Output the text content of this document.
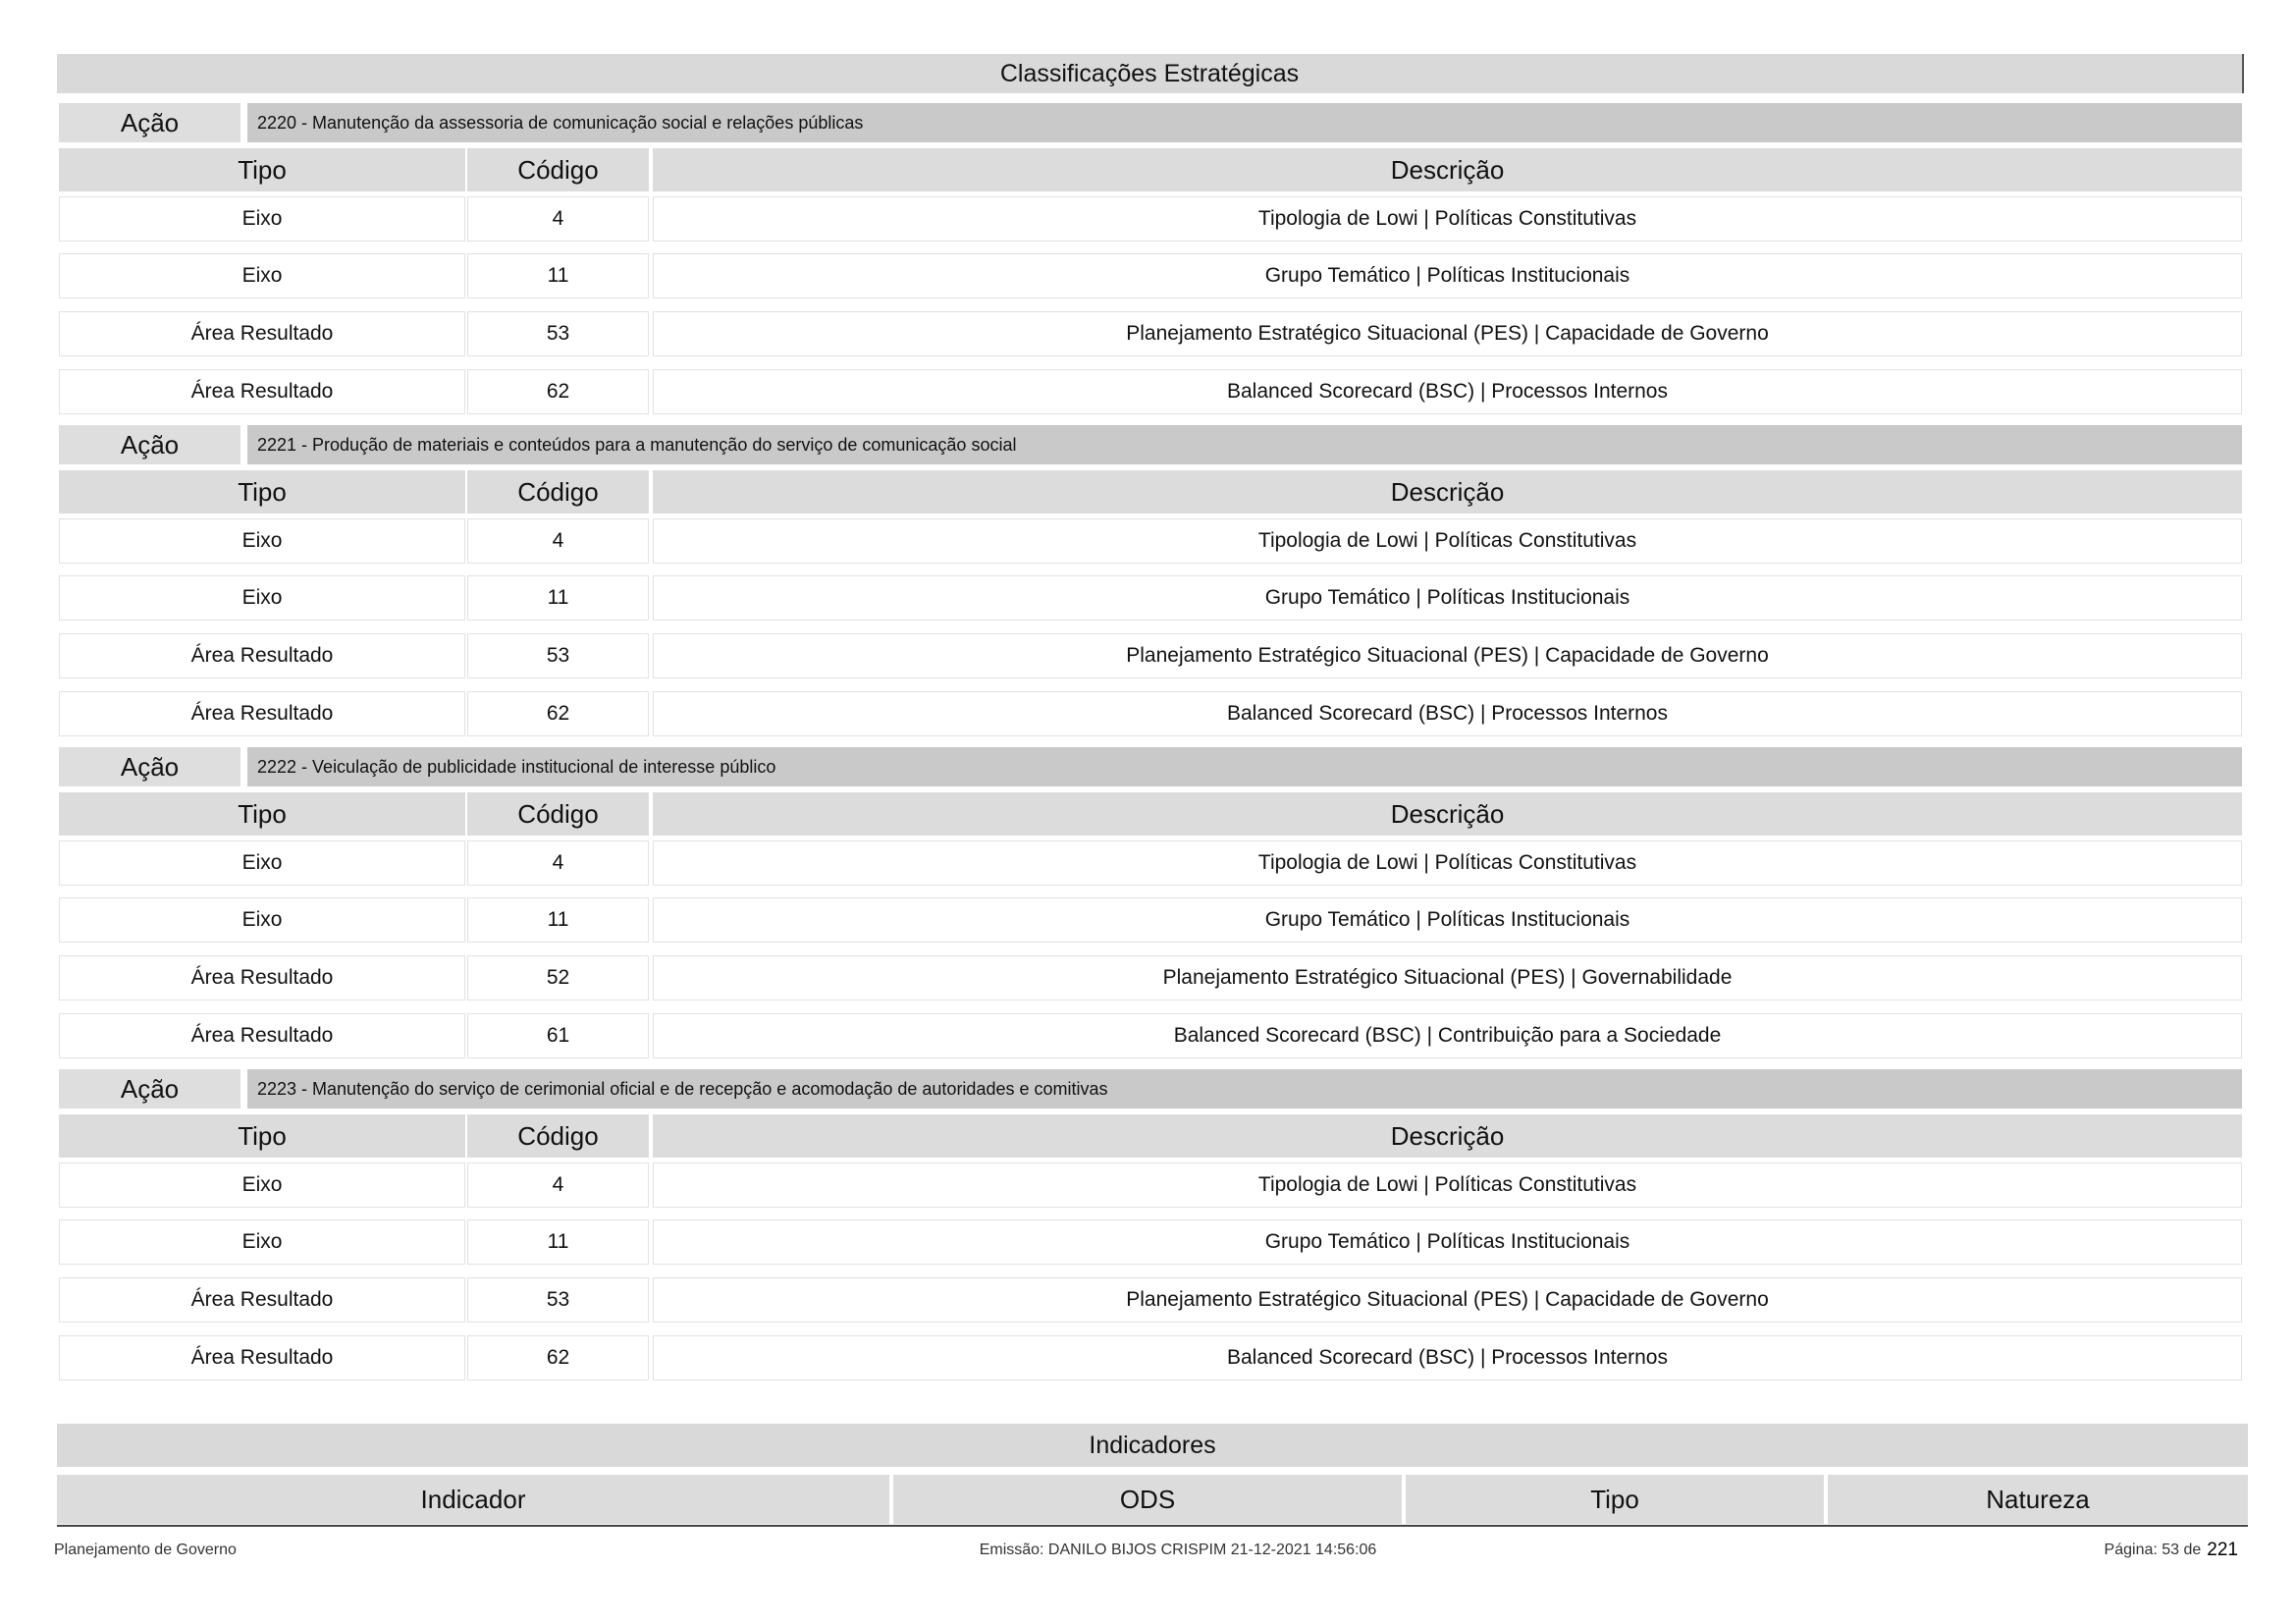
Classificações Estratégicas
Ação	2220 - Manutenção da assessoria de comunicação social e relações públicas
Tipo	Código	Descrição
Eixo	4	Tipologia de Lowi | Políticas Constitutivas
Eixo	11	Grupo Temático | Políticas Institucionais
Área Resultado	53	Planejamento Estratégico Situacional (PES) | Capacidade de Governo
Área Resultado	62	Balanced Scorecard (BSC) | Processos Internos
Ação	2221 - Produção de materiais e conteúdos para a manutenção do serviço de comunicação social
Tipo	Código	Descrição
Eixo	4	Tipologia de Lowi | Políticas Constitutivas
Eixo	11	Grupo Temático | Políticas Institucionais
Área Resultado	53	Planejamento Estratégico Situacional (PES) | Capacidade de Governo
Área Resultado	62	Balanced Scorecard (BSC) | Processos Internos
Ação	2222 - Veiculação de publicidade institucional de interesse público
Tipo	Código	Descrição
Eixo	4	Tipologia de Lowi | Políticas Constitutivas
Eixo	11	Grupo Temático | Políticas Institucionais
Área Resultado	52	Planejamento Estratégico Situacional (PES) | Governabilidade
Área Resultado	61	Balanced Scorecard (BSC) | Contribuição para a Sociedade
Ação	2223 - Manutenção do serviço de cerimonial oficial e de recepção e acomodação de autoridades e comitivas
Tipo	Código	Descrição
Eixo	4	Tipologia de Lowi | Políticas Constitutivas
Eixo	11	Grupo Temático | Políticas Institucionais
Área Resultado	53	Planejamento Estratégico Situacional (PES) | Capacidade de Governo
Área Resultado	62	Balanced Scorecard (BSC) | Processos Internos
Indicadores
Indicador	ODS	Tipo	Natureza
Planejamento de Governo	Emissão: DANILO BIJOS CRISPIM 21-12-2021 14:56:06	Página: 53 de 221
